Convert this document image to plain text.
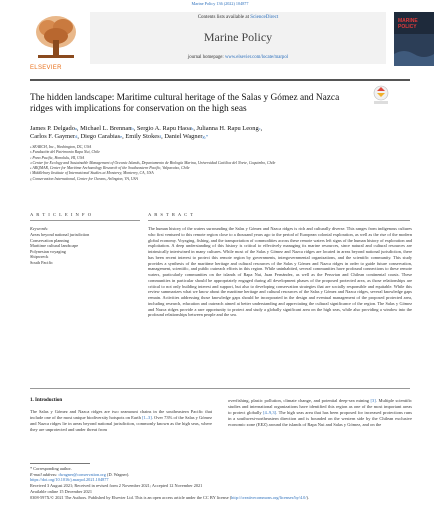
Marine Policy 136 (2022) 104877
ELSEVIER
Contents lists available at ScienceDirect
Marine Policy
journal homepage: www.elsevier.com/locate/marpol
MARINE POLICY
The hidden landscape: Maritime cultural heritage of the Salas y Gómez and Nazca ridges with implications for conservation on the high seas
James P. Delgado$^a$, Michael L. Brennan$^b$, Sergio A. Rapu Haoa$^b$, Julianna H. Rapu Leong$^c$,
Carlos F. Gaymer$^d$, Diego Carabias$^e$, Emily Stokes$^f$, Daniel Wagner$^{g,*}$
$^a$ SEARCH, Inc., Washington, DC, USA
$^b$ Fundación del Patrimonio Rapa Nui, Chile
$^c$ Pono Pacific, Honolulu, HI, USA
$^d$ Center for Ecology and Sustainable Management of Oceanic Islands, Departamento de Biología Marina, Universidad Católica del Norte, Coquimbo, Chile
$^e$ ARQMAR, Center for Maritime Archaeology Research of the Southeastern Pacific, Valparaíso, Chile
$^f$ Middlebury Institute of International Studies at Monterey, Monterey, CA, USA
$^g$ Conservation International, Center for Oceans, Arlington, VA, USA
A R T I C L E I N F O	A B S T R A C T
Keywords:
Areas beyond national jurisdiction
Conservation planning
Maritime cultural landscape
Polynesian voyaging
Shipwreck
South Pacific
The human history of the waters surrounding the Salas y Gómez and Nazca ridges is rich and culturally diverse. This ranges from indigenous cultures who first ventured to this remote region close to a thousand years ago to the period of European colonial exploration, as well as the rise of the modern global economy. Voyaging, fishing, and the transportation of commodities across these remote waters left signs of the human history of exploration and exploitation. A deep understanding of this history is critical to effectively managing its marine resources, since natural and cultural resources are intrinsically intertwined in many cultures. While most of the Salas y Gómez and Nazca ridges are located in areas beyond national jurisdiction, there has been recent interest to protect this remote region by governments, intergovernmental organizations, and the scientific community. This study provides a synthesis of the maritime heritage and cultural resources of the Salas y Gómez and Nazca ridges in order to guide future conservation, management, scientific, and public outreach efforts in this region. While uninhabited, several communities have profound connections to these remote waters, particularly communities on the islands of Rapa Nui, Juan Fernández, as well as the Peruvian and Chilean continental coasts. These communities in particular should be appropriately engaged during all development phases of the proposed protected area, as those relationships are critical to not only building interest and support, but also to developing conservation strategies that are socially responsible and equitable. While this review summarizes what we know about the maritime heritage and cultural resources of the Salas y Gómez and Nazca ridges, several knowledge gaps remain. Activities addressing those knowledge gaps should be incorporated in the design and eventual management of the proposed protected area, including research, education and outreach aimed at better understanding and appreciating the cultural significance of the region. The Salas y Gómez and Nazca ridges provide a rare opportunity to protect and study a globally significant area on the high seas, while also providing a window into the profound relationships between people and the sea.
1. Introduction
The Salas y Gómez and Nazca ridges are two seamount chains in the southeastern Pacific that include one of the most unique biodiversity hotspots on Earth [1–3]. Over 73% of the Salas y Gómez and Nazca ridges lie in areas beyond national jurisdiction, commonly known as the high seas, where they are unprotected and under threat from
overfishing, plastic pollution, climate change, and potential deep-sea mining [3]. Multiple scientific studies and international organizations have identified this region as one of the most important areas to protect globally [4–9,3]. The high seas area that has been proposed for increased protections runs in a southwest-northeastern direction and is bounded on the western side by the Chilean exclusive economic zone (EEZ) around the islands of Rapa Nui and Salas y Gómez, and on the
* Corresponding author.
E-mail address: dwagner@conservation.org (D. Wagner).
https://doi.org/10.1016/j.marpol.2021.104877
Received 3 August 2021; Received in revised form 2 November 2021; Accepted 12 November 2021
Available online 15 December 2021
0308-597X/© 2021 The Authors. Published by Elsevier Ltd. This is an open access article under the CC BY license (http://creativecommons.org/licenses/by/4.0/).
